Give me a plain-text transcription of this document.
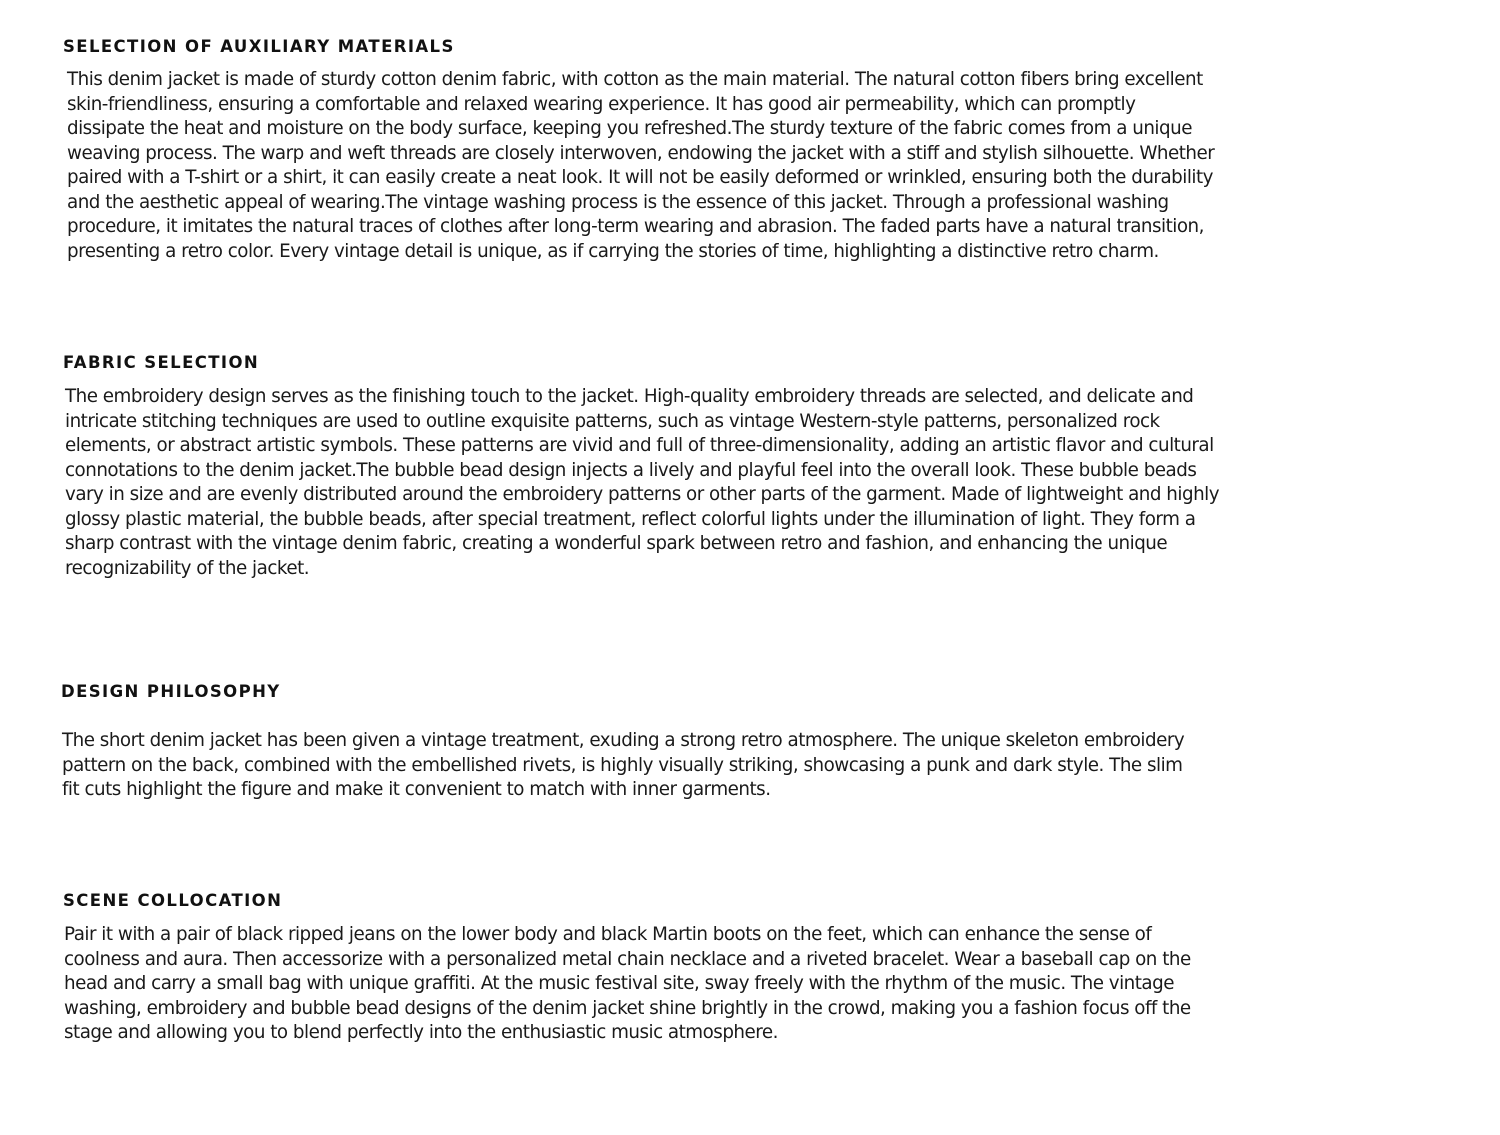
SELECTION OF AUXILIARY MATERIALS

This denim jacket is made of sturdy cotton denim fabric, with cotton as the main material. The natural cotton fibers bring excellent
skin-friendliness, ensuring a comfortable and relaxed wearing experience. It has good air permeability, which can promptly
dissipate the heat and moisture on the body surface, keeping you refreshed.The sturdy texture of the fabric comes from a unique
weaving process. The warp and weft threads are closely interwoven, endowing the jacket with a stiff and stylish silhouette. Whether
paired with a T-shirt or a shirt, it can easily create a neat look. It will not be easily deformed or wrinkled, ensuring both the durability
and the aesthetic appeal of wearing.The vintage washing process is the essence of this jacket. Through a professional washing
procedure, it imitates the natural traces of clothes after long-term wearing and abrasion. The faded parts have a natural transition,
presenting a retro color. Every vintage detail is unique, as if carrying the stories of time, highlighting a distinctive retro charm.

FABRIC SELECTION

The embroidery design serves as the finishing touch to the jacket. High-quality embroidery threads are selected, and delicate and
intricate stitching techniques are used to outline exquisite patterns, such as vintage Western-style patterns, personalized rock
elements, or abstract artistic symbols. These patterns are vivid and full of three-dimensionality, adding an artistic flavor and cultural
connotations to the denim jacket.The bubble bead design injects a lively and playful feel into the overall look. These bubble beads
vary in size and are evenly distributed around the embroidery patterns or other parts of the garment. Made of lightweight and highly
glossy plastic material, the bubble beads, after special treatment, reflect colorful lights under the illumination of light. They form a
sharp contrast with the vintage denim fabric, creating a wonderful spark between retro and fashion, and enhancing the unique
recognizability of the jacket.

DESIGN PHILOSOPHY

The short denim jacket has been given a vintage treatment, exuding a strong retro atmosphere. The unique skeleton embroidery
pattern on the back, combined with the embellished rivets, is highly visually striking, showcasing a punk and dark style. The slim
fit cuts highlight the figure and make it convenient to match with inner garments.

SCENE COLLOCATION

Pair it with a pair of black ripped jeans on the lower body and black Martin boots on the feet, which can enhance the sense of
coolness and aura. Then accessorize with a personalized metal chain necklace and a riveted bracelet. Wear a baseball cap on the
head and carry a small bag with unique graffiti. At the music festival site, sway freely with the rhythm of the music. The vintage
washing, embroidery and bubble bead designs of the denim jacket shine brightly in the crowd, making you a fashion focus off the
stage and allowing you to blend perfectly into the enthusiastic music atmosphere.
